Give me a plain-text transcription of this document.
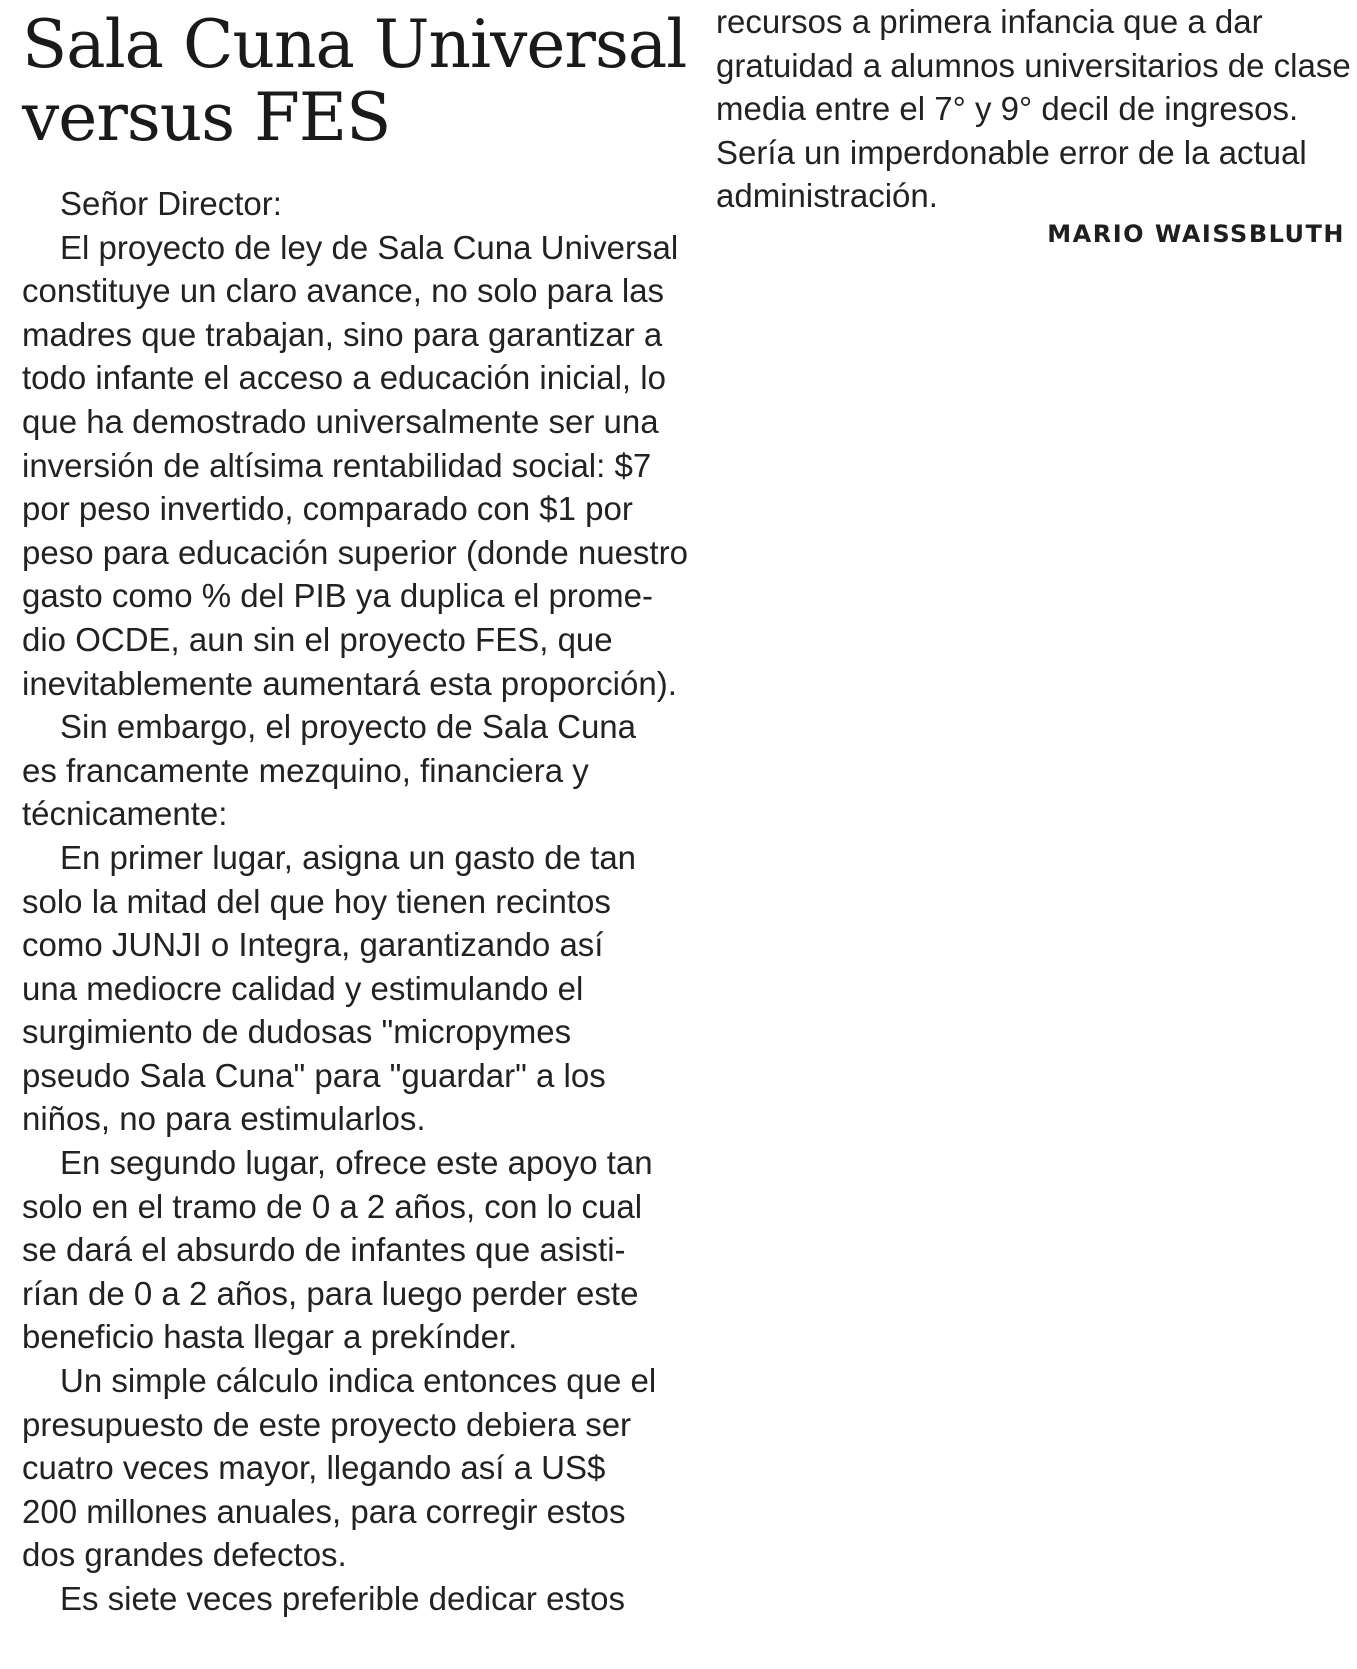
Sala Cuna Universal
versus FES
Señor Director:
El proyecto de ley de Sala Cuna Universal
constituye un claro avance, no solo para las
madres que trabajan, sino para garantizar a
todo infante el acceso a educación inicial, lo
que ha demostrado universalmente ser una
inversión de altísima rentabilidad social: $7
por peso invertido, comparado con $1 por
peso para educación superior (donde nuestro
gasto como % del PIB ya duplica el prome-
dio OCDE, aun sin el proyecto FES, que
inevitablemente aumentará esta proporción).
Sin embargo, el proyecto de Sala Cuna
es francamente mezquino, financiera y
técnicamente:
En primer lugar, asigna un gasto de tan
solo la mitad del que hoy tienen recintos
como JUNJI o Integra, garantizando así
una mediocre calidad y estimulando el
surgimiento de dudosas "micropymes
pseudo Sala Cuna" para "guardar" a los
niños, no para estimularlos.
En segundo lugar, ofrece este apoyo tan
solo en el tramo de 0 a 2 años, con lo cual
se dará el absurdo de infantes que asisti-
rían de 0 a 2 años, para luego perder este
beneficio hasta llegar a prekínder.
Un simple cálculo indica entonces que el
presupuesto de este proyecto debiera ser
cuatro veces mayor, llegando así a US$
200 millones anuales, para corregir estos
dos grandes defectos.
Es siete veces preferible dedicar estos
recursos a primera infancia que a dar
gratuidad a alumnos universitarios de clase
media entre el 7° y 9° decil de ingresos.
Sería un imperdonable error de la actual
administración.
MARIO WAISSBLUTH
